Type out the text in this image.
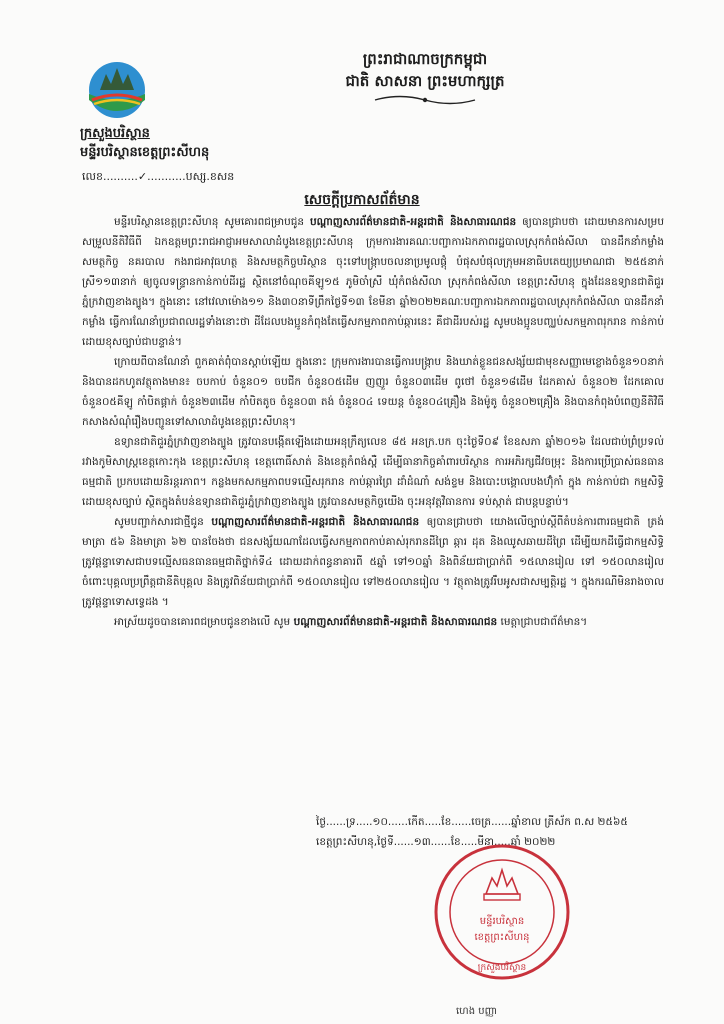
ព្រះរាជាណាចក្រកម្ពុជា
ជាតិ សាសនា ព្រះមហាក្សត្រ
ក្រសួងបរិស្ថាន
មន្ទីរបរិស្ថានខេត្តព្រះសីហនុ
លេខ..........✓...........បស្ស.ខសន
សេចក្តីប្រកាសព័ត៌មាន

មន្ទីរបរិស្ថានខេត្តព្រះសីហនុ សូមគោរពជម្រាបជូន បណ្តាញសារព័ត៌មានជាតិ-អន្តរជាតិ និងសាធារណជន ឲ្យបានជ្រាបថា ដោយមានការសម្របសម្រួលនីតិវិធីពី ឯកឧត្តមព្រះរាជអាជ្ញាអមសាលាដំបូងខេត្តព្រះសីហនុ ក្រុមការងារគណៈបញ្ជាការឯកភាពរដ្ឋបាលស្រុកកំពង់សីលា បានដឹកនាំកម្លាំងសមត្ថកិច្ច នគរបាល កងរាជអាវុធហត្ថ និងសមត្ថកិច្ចបរិស្ថាន ចុះទៅបង្ក្រាបចលនាប្រមូលផ្តុំ បំផុសបំផុលក្រុមអនាធិបតេយ្យប្រមាណជា ២៥៥នាក់ ស្រី១១៣នាក់ ឲ្យចូលទន្ទ្រានកាន់កាប់ដីរដ្ឋ ស្ថិតនៅចំណុចគីឡូ១៥ ភូមិចាំស្រី ឃុំកំពង់សីលា ស្រុកកំពង់សីលា ខេត្តព្រះសីហនុ ក្នុងដែនឧទ្យានជាតិជួរភ្នំក្រវាញខាងត្បូង។ ក្នុងនោះ នៅវេលាម៉ោង១១ និង៣០នាទីព្រឹកថ្ងៃទី១៣ ខែមីនា ឆ្នាំ២០២២គណៈបញ្ជាការឯកភាពរដ្ឋបាលស្រុកកំពង់សីលា បានដឹកនាំកម្លាំង ធ្វើការណែនាំប្រជាពលរដ្ឋទាំងនោះថា ដីដែលបងប្អូនកំពុងតែធ្វើសកម្មភាពកាប់ឆ្ការនេះ គឺជាដីរបស់រដ្ឋ សូមបងប្អូនបញ្ឈប់សកម្មភាពរុករាន កាន់កាប់ដោយខុសច្បាប់ជាបន្ទាន់។

ក្រោយពីបានណែនាំ ពួកគាត់ពុំបានស្តាប់ឡើយ ក្នុងនោះ ក្រុមការងារបានធ្វើការបង្ក្រាប និងឃាត់ខ្លួនជនសង្ស័យជាមុខសញ្ញាមេខ្លោងចំនួន១០នាក់ និងបានដកហូតវត្ថុតាងមាន៖ ចបកាប់ ចំនួន០១ ចបជីក ចំនួន០៥ដើម ញញួរ ចំនួន០៣ដើម ពូថៅ ចំនួន១៨ដើម ដែកគាស់ ចំនួន០២ ដែកគោល ចំនួន០៥គីឡូ កាំបិតផ្គាក់ ចំនួន២៣ដើម កាំបិតតូច ចំនួន០៣ តង់ ចំនួន០៤ ទេយន្ត ចំនួន០៤គ្រឿង និងម៉ូតូ ចំនួន០២គ្រឿង និងបានកំពុងបំពេញនីតិវិធីកសាងសំណុំរឿងបញ្ជូនទៅសាលាដំបូងខេត្តព្រះសីហនុ។

ឧទ្យានជាតិជួរភ្នំក្រវាញខាងត្បូង ត្រូវបានបង្កើតឡើងដោយអនុក្រឹត្យលេខ ៨៥ អនក្រ.បក ចុះថ្ងៃទី០៩ ខែឧសភា ឆ្នាំ២០១៦ ដែលជាប់ព្រំប្រទល់រវាងកូមិសាស្ត្រខេត្តកោះកុង ខេត្តព្រះសីហនុ ខេត្តពោធិ៍សាត់ និងខេត្តកំពង់ស្ពឺ ដើម្បីធានាកិច្ចគាំពារបរិស្ថាន ការអភិរក្សជីវចម្រុះ និងការប្រើប្រាស់ធនធានធម្មជាតិ ប្រកបដោយនិរន្តរភាព។ កន្លងមកសកម្មភាពបទល្មើសរុករាន កាប់ឆ្ការព្រៃ ដាំដំណាំ សង់ខ្ទម និងបោះបង្គោលបងហ៊ុំកាំ ក្នុង កាន់កាប់ជា កម្មសិទ្ធិ ដោយខុសច្បាប់ ស្ថិតក្នុងតំបន់ឧទ្យានជាតិជួរភ្នំក្រវាញខាងត្បូង ត្រូវបានសមត្ថកិច្ចយើង ចុះអនុវត្តវិធានការ ទប់ស្កាត់ ជាបន្តបន្ទាប់។

សូមបញ្ជាក់សារជាថ្មីជូន បណ្តាញសារព័ត៌មានជាតិ-អន្តរជាតិ និងសាធារណជន ឲ្យបានជ្រាបថា យោងលើច្បាប់ស្តីពីតំបន់ការពារធម្មជាតិ ត្រង់មាត្រា ៥៦ និងមាត្រា ៦២ បានចែងថា ជនសង្ស័យណាដែលធ្វើសកម្មភាពកាប់គាស់រុករានដីព្រៃ ឆ្ការ ដុត និងឈូសឆាយដីព្រៃ ដើម្បីយកដីធ្វើជាកម្មសិទ្ធិ ត្រូវផ្តន្ទាទោសជាបទល្មើសធនធានធម្មជាតិថ្នាក់ទី៤ ដោយដាក់ពន្ធនាគារពី ៥ឆ្នាំ ទៅ១០ឆ្នាំ និងពិន័យជាប្រាក់ពី ១៥លានរៀល ទៅ ១៥០លានរៀល ចំពោះបុគ្គលប្រព្រឹត្តជានីតិបុគ្គល និងត្រូវពិន័យជាប្រាក់ពី ១៥០លានរៀល ទៅ២៥០លានរៀល ។ វត្ថុតាងត្រូវរឹបអូសជាសម្បត្តិរដ្ឋ ។ ក្នុងករណីមិនរាងចាល ត្រូវផ្តន្ទាទោសទ្វេដង ។

អាស្រ័យដូចបានគោរពជម្រាបជូនខាងលើ សូម បណ្តាញសារព័ត៌មានជាតិ-អន្តរជាតិ និងសាធារណជន មេត្តាជ្រាបជាព័ត៌មាន។

ថ្ងៃ......ទ្រ.....១០......កើត.....ខែ......ចេត្រ......ឆ្នាំខាល ត្រីស័ក ព.ស ២៥៦៥
ខេត្តព្រះសីហនុ,ថ្ងៃទី......១៣......ខែ.....មីនា.....ឆ្នាំ ២០២២
មន្ទីរបរិស្ថាន
ខេត្តព្រះសីហនុ
ក្រសួងបរិស្ថាន
ហេង បញ្ញា
